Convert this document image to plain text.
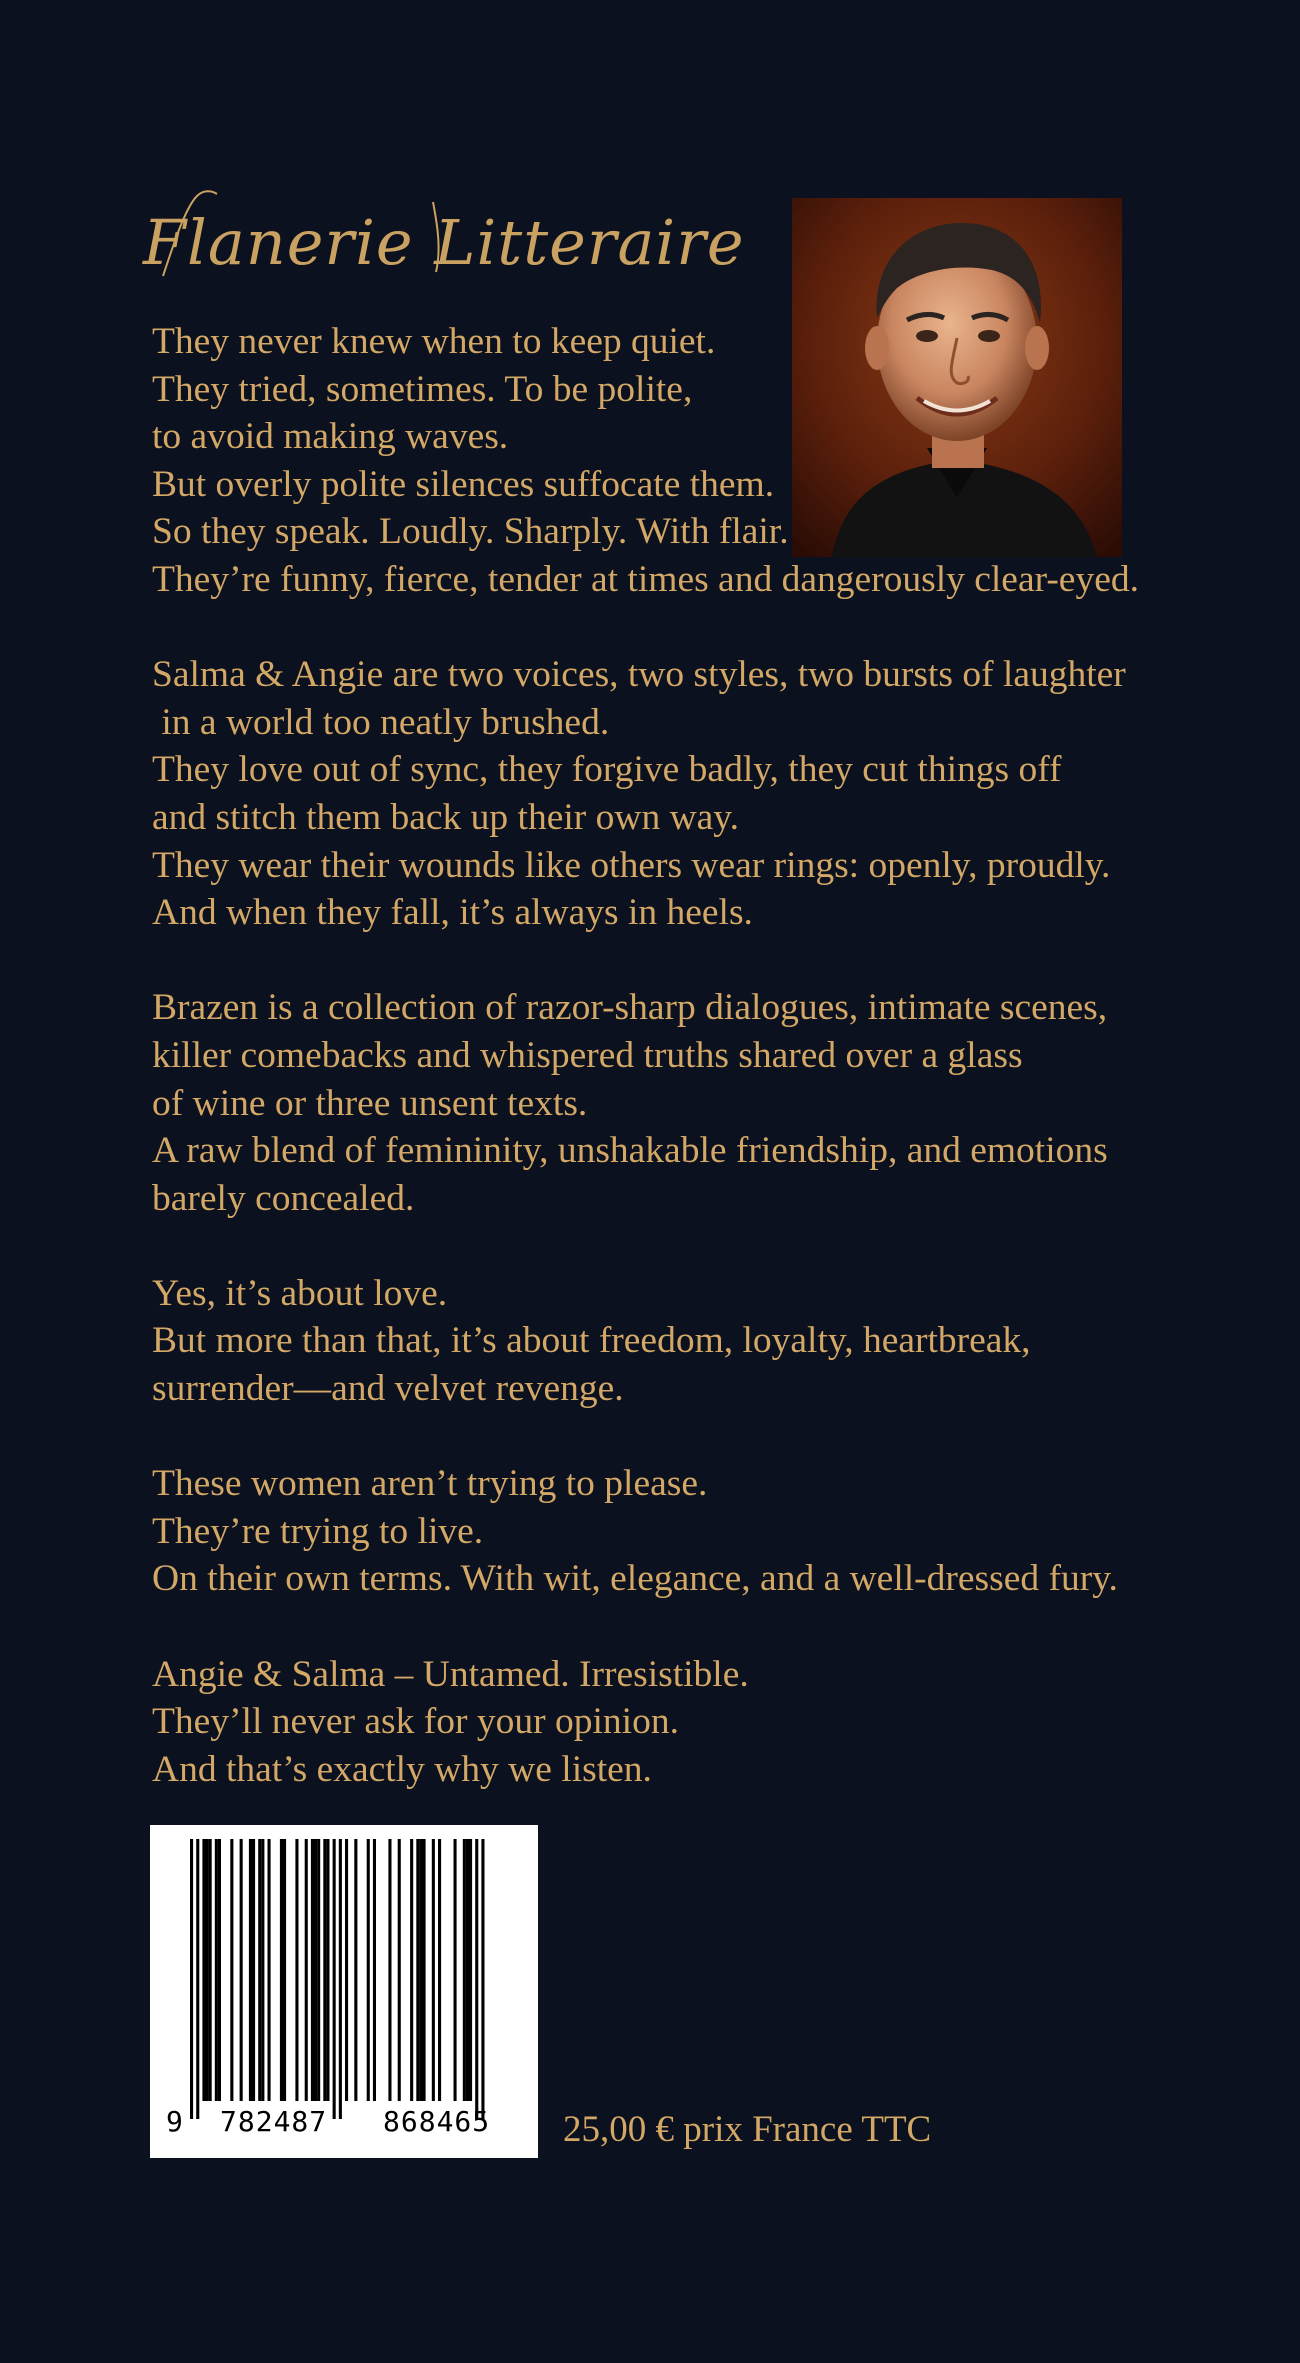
Flanerie Litteraire

They never knew when to keep quiet.
They tried, sometimes. To be polite,
to avoid making waves.
But overly polite silences suffocate them.
So they speak. Loudly. Sharply. With flair.
They’re funny, fierce, tender at times and dangerously clear-eyed.

Salma & Angie are two voices, two styles, two bursts of laughter
in a world too neatly brushed.
They love out of sync, they forgive badly, they cut things off
and stitch them back up their own way.
They wear their wounds like others wear rings: openly, proudly.
And when they fall, it’s always in heels.

Brazen is a collection of razor-sharp dialogues, intimate scenes,
killer comebacks and whispered truths shared over a glass
of wine or three unsent texts.
A raw blend of femininity, unshakable friendship, and emotions
barely concealed.

Yes, it’s about love.
But more than that, it’s about freedom, loyalty, heartbreak,
surrender—and velvet revenge.

These women aren’t trying to please.
They’re trying to live.
On their own terms. With wit, elegance, and a well-dressed fury.

Angie & Salma – Untamed. Irresistible.
They’ll never ask for your opinion.
And that’s exactly why we listen.

9 782487 868465 25,00 € prix France TTC
